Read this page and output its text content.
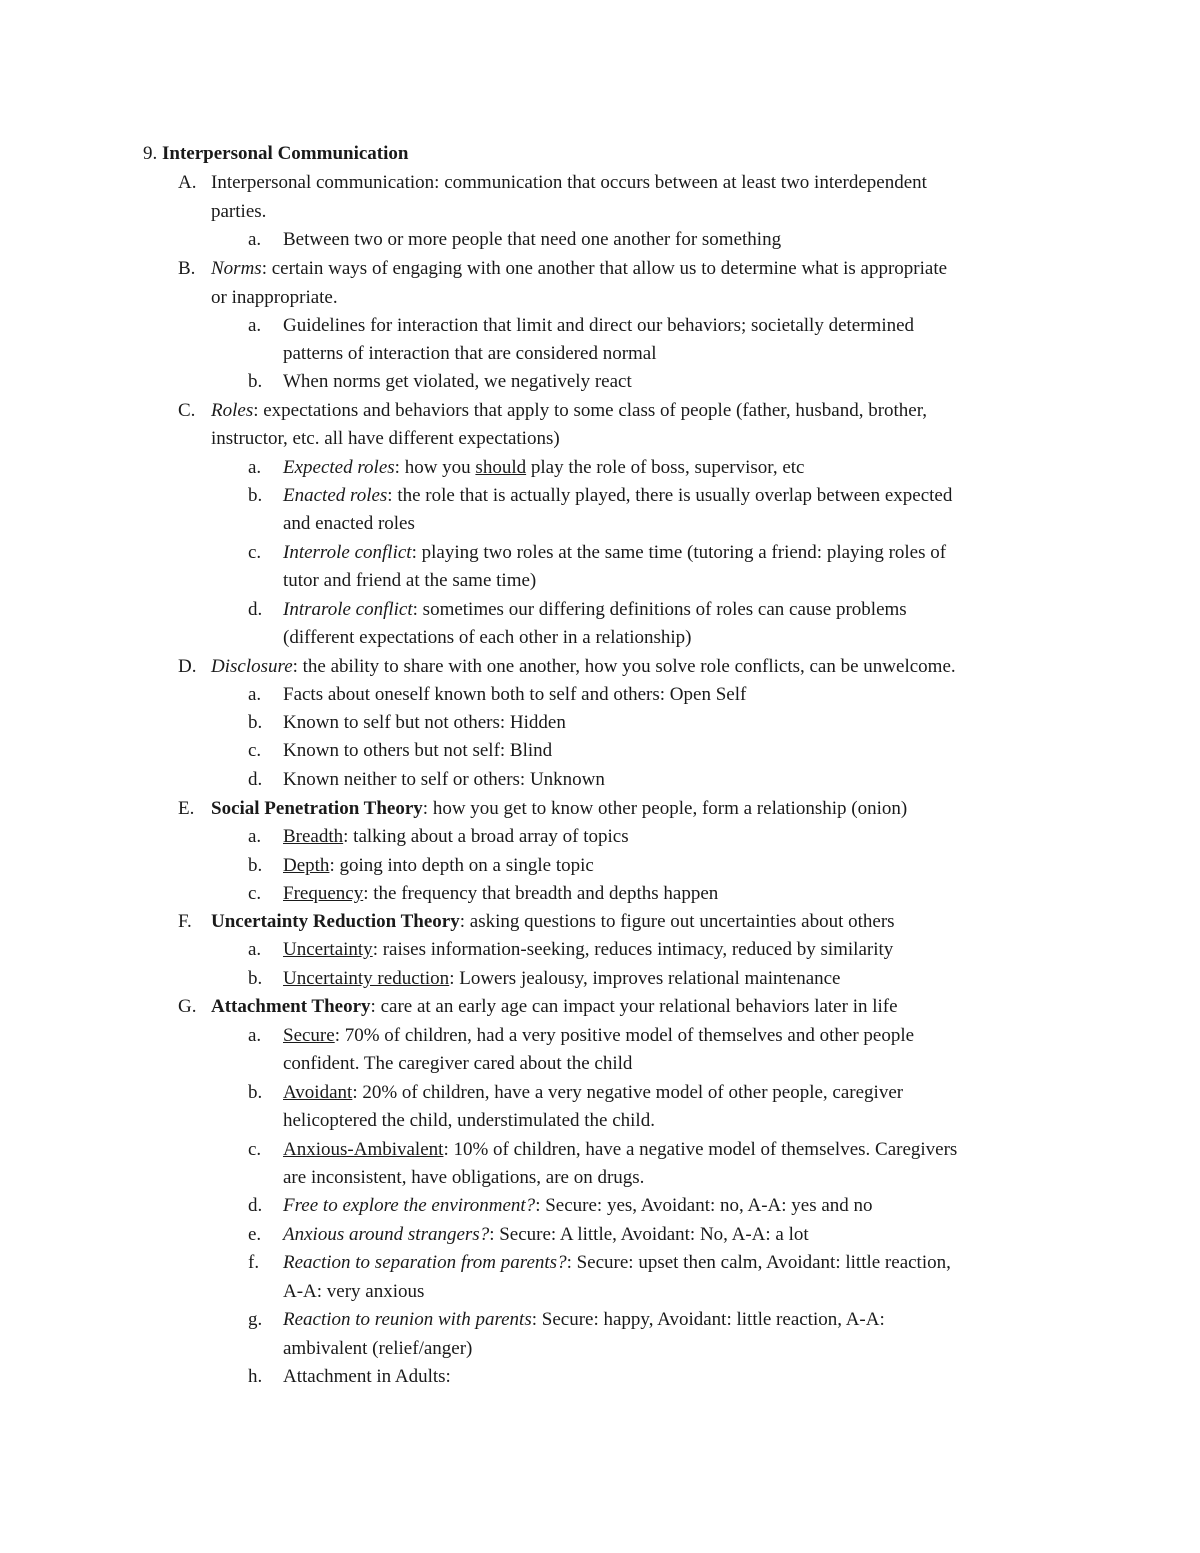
9. Interpersonal Communication
A. Interpersonal communication: communication that occurs between at least two interdependent
parties.
a. Between two or more people that need one another for something
B. Norms: certain ways of engaging with one another that allow us to determine what is appropriate
or inappropriate.
a. Guidelines for interaction that limit and direct our behaviors; societally determined
patterns of interaction that are considered normal
b. When norms get violated, we negatively react
C. Roles: expectations and behaviors that apply to some class of people (father, husband, brother,
instructor, etc. all have different expectations)
a. Expected roles: how you should play the role of boss, supervisor, etc
b. Enacted roles: the role that is actually played, there is usually overlap between expected
and enacted roles
c. Interrole conflict: playing two roles at the same time (tutoring a friend: playing roles of
tutor and friend at the same time)
d. Intrarole conflict: sometimes our differing definitions of roles can cause problems
(different expectations of each other in a relationship)
D. Disclosure: the ability to share with one another, how you solve role conflicts, can be unwelcome.
a. Facts about oneself known both to self and others: Open Self
b. Known to self but not others: Hidden
c. Known to others but not self: Blind
d. Known neither to self or others: Unknown
E. Social Penetration Theory: how you get to know other people, form a relationship (onion)
a. Breadth: talking about a broad array of topics
b. Depth: going into depth on a single topic
c. Frequency: the frequency that breadth and depths happen
F. Uncertainty Reduction Theory: asking questions to figure out uncertainties about others
a. Uncertainty: raises information-seeking, reduces intimacy, reduced by similarity
b. Uncertainty reduction: Lowers jealousy, improves relational maintenance
G. Attachment Theory: care at an early age can impact your relational behaviors later in life
a. Secure: 70% of children, had a very positive model of themselves and other people
confident. The caregiver cared about the child
b. Avoidant: 20% of children, have a very negative model of other people, caregiver
helicoptered the child, understimulated the child.
c. Anxious-Ambivalent: 10% of children, have a negative model of themselves. Caregivers
are inconsistent, have obligations, are on drugs.
d. Free to explore the environment?: Secure: yes, Avoidant: no, A-A: yes and no
e. Anxious around strangers?: Secure: A little, Avoidant: No, A-A: a lot
f. Reaction to separation from parents?: Secure: upset then calm, Avoidant: little reaction,
A-A: very anxious
g. Reaction to reunion with parents: Secure: happy, Avoidant: little reaction, A-A:
ambivalent (relief/anger)
h. Attachment in Adults:
